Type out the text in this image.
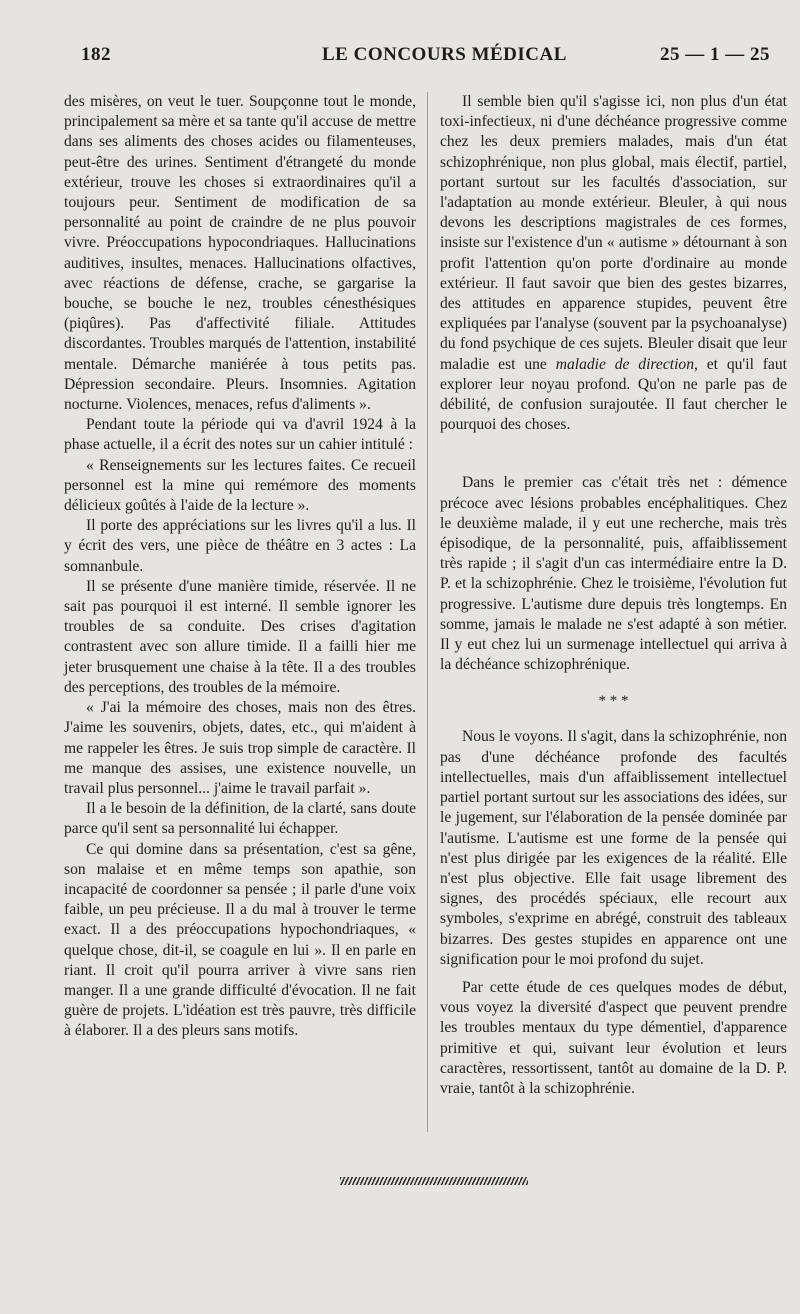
182	LE CONCOURS MÉDICAL	25 — 1 — 25

des misères, on veut le tuer. Soupçonne tout le monde, principalement sa mère et sa tante qu'il accuse de mettre dans ses aliments des choses acides ou filamenteuses, peut-être des urines. Sentiment d'étrangeté du monde extérieur, trouve les choses si extraordinaires qu'il a toujours peur. Sentiment de modification de sa personnalité au point de craindre de ne plus pouvoir vivre. Préoccupations hypocondriaques. Hallucinations auditives, insultes, menaces. Hallucinations olfactives, avec réactions de défense, crache, se gargarise la bouche, se bouche le nez, troubles cénesthésiques (piqûres). Pas d'affectivité filiale. Attitudes discordantes. Troubles marqués de l'attention, instabilité mentale. Démarche maniérée à tous petits pas. Dépression secondaire. Pleurs. Insomnies. Agitation nocturne. Violences, menaces, refus d'aliments ».

Pendant toute la période qui va d'avril 1924 à la phase actuelle, il a écrit des notes sur un cahier intitulé :

« Renseignements sur les lectures faites. Ce recueil personnel est la mine qui remémore des moments délicieux goûtés à l'aide de la lecture ».

Il porte des appréciations sur les livres qu'il a lus. Il y écrit des vers, une pièce de théâtre en 3 actes : La somnanbule.

Il se présente d'une manière timide, réservée. Il ne sait pas pourquoi il est interné. Il semble ignorer les troubles de sa conduite. Des crises d'agitation contrastent avec son allure timide. Il a failli hier me jeter brusquement une chaise à la tête. Il a des troubles des perceptions, des troubles de la mémoire.

« J'ai la mémoire des choses, mais non des êtres. J'aime les souvenirs, objets, dates, etc., qui m'aident à me rappeler les êtres. Je suis trop simple de caractère. Il me manque des assises, une existence nouvelle, un travail plus personnel... j'aime le travail parfait ».

Il a le besoin de la définition, de la clarté, sans doute parce qu'il sent sa personnalité lui échapper.

Ce qui domine dans sa présentation, c'est sa gêne, son malaise et en même temps son apathie, son incapacité de coordonner sa pensée ; il parle d'une voix faible, un peu précieuse. Il a du mal à trouver le terme exact. Il a des préoccupations hypochondriaques, « quelque chose, dit-il, se coagule en lui ». Il en parle en riant. Il croit qu'il pourra arriver à vivre sans rien manger. Il a une grande difficulté d'évocation. Il ne fait guère de projets. L'idéation est très pauvre, très difficile à élaborer. Il a des pleurs sans motifs.

Il semble bien qu'il s'agisse ici, non plus d'un état toxi-infectieux, ni d'une déchéance progressive comme chez les deux premiers malades, mais d'un état schizophrénique, non plus global, mais électif, partiel, portant surtout sur les facultés d'association, sur l'adaptation au monde extérieur. Bleuler, à qui nous devons les descriptions magistrales de ces formes, insiste sur l'existence d'un « autisme » détournant à son profit l'attention qu'on porte d'ordinaire au monde extérieur. Il faut savoir que bien des gestes bizarres, des attitudes en apparence stupides, peuvent être expliquées par l'analyse (souvent par la psychoanalyse) du fond psychique de ces sujets. Bleuler disait que leur maladie est une maladie de direction, et qu'il faut explorer leur noyau profond. Qu'on ne parle pas de débilité, de confusion surajoutée. Il faut chercher le pourquoi des choses.

Dans le premier cas c'était très net : démence précoce avec lésions probables encéphalitiques. Chez le deuxième malade, il y eut une recherche, mais très épisodique, de la personnalité, puis, affaiblissement très rapide ; il s'agit d'un cas intermédiaire entre la D. P. et la schizophrénie. Chez le troisième, l'évolution fut progressive. L'autisme dure depuis très longtemps. En somme, jamais le malade ne s'est adapté à son métier. Il y eut chez lui un surmenage intellectuel qui arriva à la déchéance schizophrénique.

* * *

Nous le voyons. Il s'agit, dans la schizophrénie, non pas d'une déchéance profonde des facultés intellectuelles, mais d'un affaiblissement intellectuel partiel portant surtout sur les associations des idées, sur le jugement, sur l'élaboration de la pensée dominée par l'autisme. L'autisme est une forme de la pensée qui n'est plus dirigée par les exigences de la réalité. Elle n'est plus objective. Elle fait usage librement des signes, des procédés spéciaux, elle recourt aux symboles, s'exprime en abrégé, construit des tableaux bizarres. Des gestes stupides en apparence ont une signification pour le moi profond du sujet.

Par cette étude de ces quelques modes de début, vous voyez la diversité d'aspect que peuvent prendre les troubles mentaux du type démentiel, d'apparence primitive et qui, suivant leur évolution et leurs caractères, ressortissent, tantôt au domaine de la D. P. vraie, tantôt à la schizophrénie.
